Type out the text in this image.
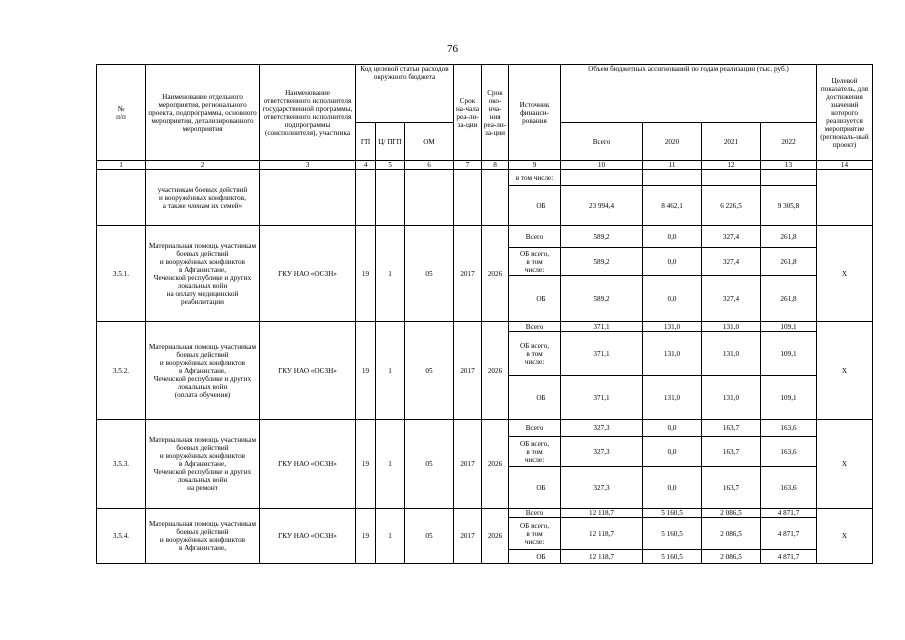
76
№
п/п	Наименование отдельного мероприятия, регионального проекта, подпрограммы, основного мероприятия, детализированного мероприятия	Наименование ответственного исполнителя государственной программы, ответственного исполнителя подпрограммы (соисполнителя), участника	Код целевой статьи расходов окружного бюджета			Срок на-чала реа-ли-за-ции	Срок око-нча-ния реа-ли-за-ции	Источник финанси-рования	Объем бюджетных ассигнований по годам реализации (тыс. руб.)				Целевой показатель, для достижения значений которого реализуется мероприятие (региональ-ный проект)
			ГП	Ц/ ПГП	ОМ				Всего	2020	2021	2022	
1	2	3	4	5	6	7	8	9	10	11	12	13	14
	участникам боевых действий
и вооружённых конфликтов,
а также членам их семей»							в том числе:					
								ОБ	23 994,4	8 462,1	6 226,5	9 305,8	
3.5.1.	Материальная помощь участникам боевых действий
и вооружённых конфликтов
в Афганистане,
Чеченской республике и других локальных войн
на оплату медицинской реабилитации	ГКУ НАО «ОСЗН»	19	1	05	2017	2026	Всего	589,2	0,0	327,4	261,8	Х
								ОБ всего,
в том
числе:	589,2	0,0	327,4	261,8	
								ОБ	589,2	0,0	327,4	261,8	
3.5.2.	Материальная помощь участникам боевых действий
и вооружённых конфликтов
в Афганистане,
Чеченской республике и других локальных войн
(оплата обучения)	ГКУ НАО «ОСЗН»	19	1	05	2017	2026	Всего	371,1	131,0	131,0	109,1	Х
								ОБ всего,
в том
числе:	371,1	131,0	131,0	109,1	
								ОБ	371,1	131,0	131,0	109,1	
3.5.3.	Материальная помощь участникам боевых действий
и вооружённых конфликтов
в Афганистане,
Чеченской республике и других локальных войн
на ремонт	ГКУ НАО «ОСЗН»	19	1	05	2017	2026	Всего	327,3	0,0	163,7	163,6	Х
								ОБ всего,
в том
числе:	327,3	0,0	163,7	163,6	
								ОБ	327,3	0,0	163,7	163,6	
3.5.4.	Материальная помощь участникам боевых действий
и вооружённых конфликтов
в Афганистане,	ГКУ НАО «ОСЗН»	19	1	05	2017	2026	Всего	12 118,7	5 160,5	2 086,5	4 871,7	Х
								ОБ всего,
в том
числе:	12 118,7	5 160,5	2 086,5	4 871,7	
								ОБ	12 118,7	5 160,5	2 086,5	4 871,7	
